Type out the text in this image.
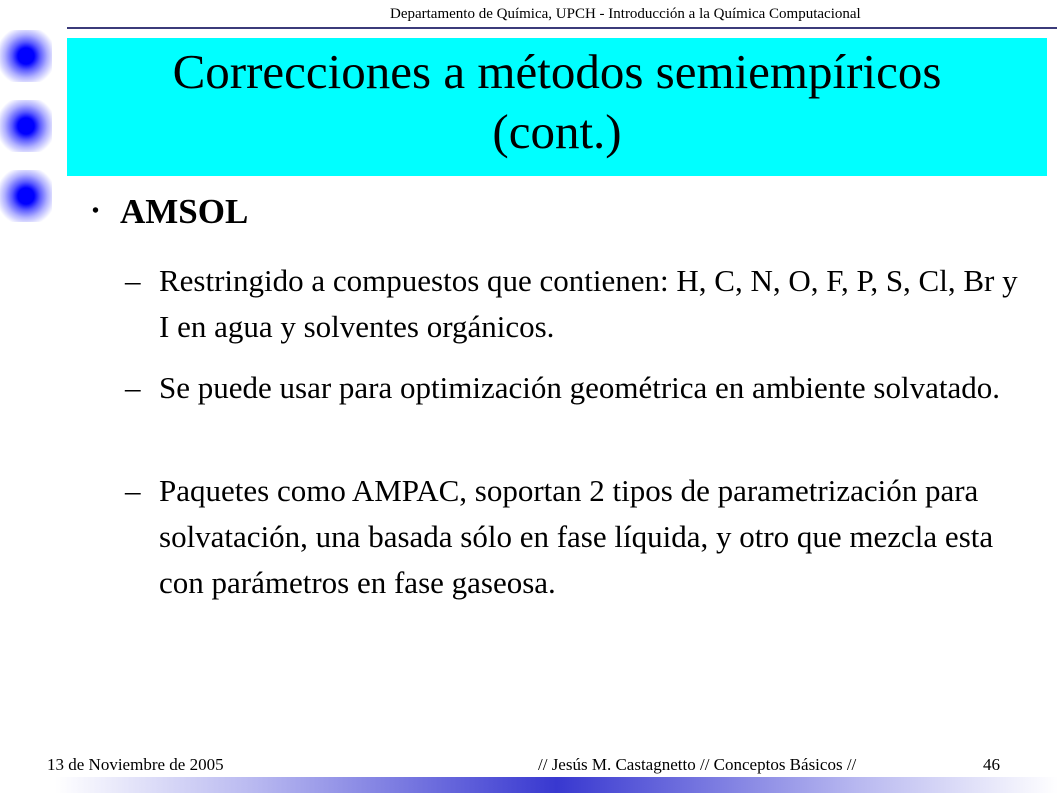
Departamento de Química, UPCH - Introducción a la Química Computacional
Correcciones a métodos semiempíricos
(cont.)
• AMSOL
– Restringido a compuestos que contienen: H, C, N, O, F, P, S, Cl, Br y I en agua y solventes orgánicos.
– Se puede usar para optimización geométrica en ambiente solvatado.
– Paquetes como AMPAC, soportan 2 tipos de parametrización para solvatación, una basada sólo en fase líquida, y otro que mezcla esta con parámetros en fase gaseosa.
13 de Noviembre de 2005	// Jesús M. Castagnetto // Conceptos Básicos //	46
